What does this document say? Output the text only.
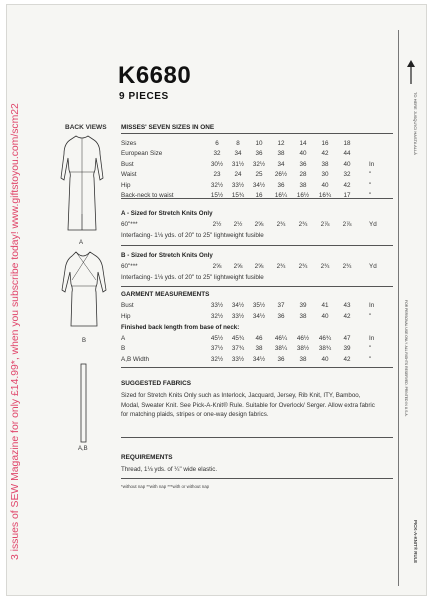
3 issues of SEW Magazine for only £14.99*, when you subscribe today! www.giftstoyou.com/scm22
K6680
9 PIECES
BACK VIEWS
A
B
A,B
MISSES' SEVEN SIZES IN ONE
Sizes	6	8	10	12	14	16	18
European Size	32	34	36	38	40	42	44
Bust	30½	31½	32½	34	36	38	40	In
Waist	23	24	25	26½	28	30	32	"
Hip	32½	33½	34½	36	38	40	42	"
Back-neck to waist	15½	15¾	16	16¼	16½	16¾	17	"
A - Sized for Stretch Knits Only
60"***	2½	2½	2⅝	2¾	2¾	2⅞	2⅞	Yd
Interfacing- 1⅛ yds. of 20" to 25" lightweight fusible
B - Sized for Stretch Knits Only
60"***	2⅝	2⅝	2⅝	2¾	2¾	2¾	2¾	Yd
Interfacing- 1⅛ yds. of 20" to 25" lightweight fusible
GARMENT MEASUREMENTS
Bust	33½	34½	35½	37	39	41	43	In
Hip	32½	33½	34½	36	38	40	42	"
Finished back length from base of neck:
A	45½	45¾	46	46¼	46½	46¾	47	In
B	37½	37¾	38	38¼	38½	38¾	39	"
A,B Width	32½	33½	34½	36	38	40	42	"
SUGGESTED FABRICS
Sized for Stretch Knits Only such as Interlock, Jacquard, Jersey, Rib Knit, ITY, Bamboo, Modal, Sweater Knit. See Pick-A-Knit® Rule. Suitable for Overlock/ Serger. Allow extra fabric for matching plaids, stripes or one-way design fabrics.
REQUIREMENTS
Thread, 1⅛ yds. of ¼" wide elastic.
*without nap **with nap ***with or without nap
TO HERE JUSQU'ICI HASTA ALLÁ
FOR PERSONAL USE ONLY. ALL RIGHTS RESERVED. PRINTED IN U.S.A.
PICK-A-KNIT® RULE
